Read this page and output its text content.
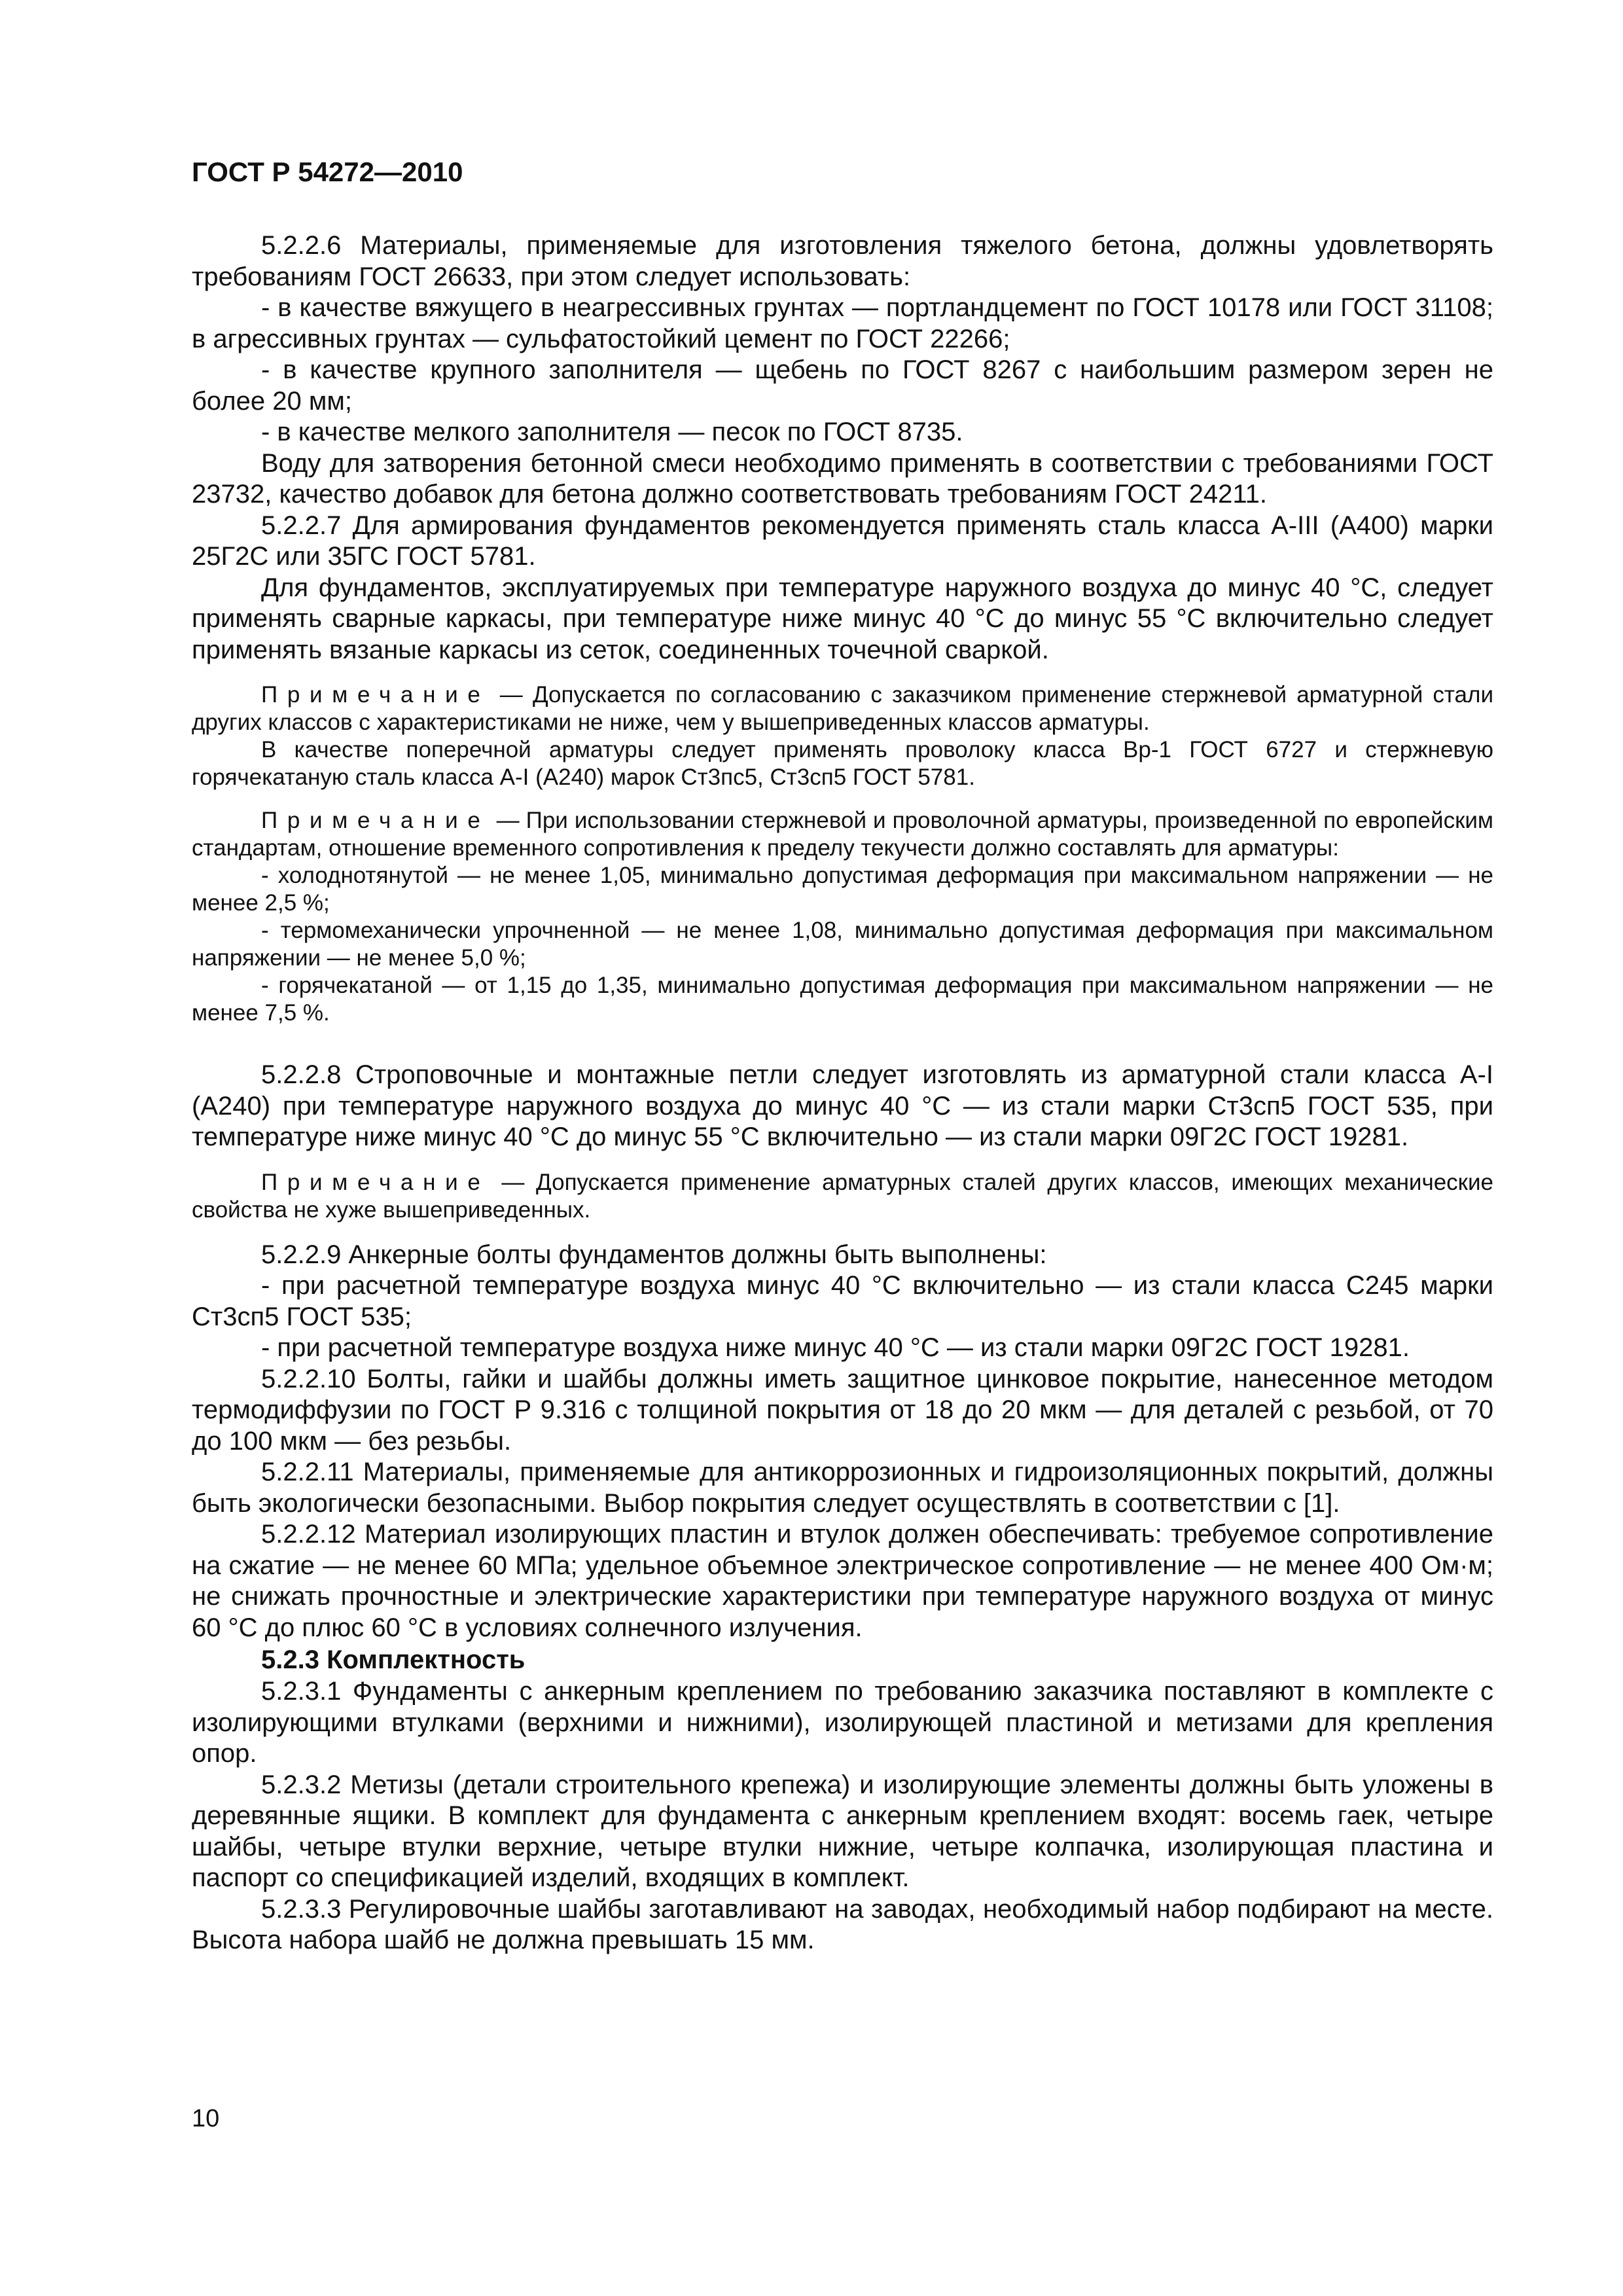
ГОСТ Р 54272—2010

5.2.2.6 Материалы, применяемые для изготовления тяжелого бетона, должны удовлетворять требованиям ГОСТ 26633, при этом следует использовать:

- в качестве вяжущего в неагрессивных грунтах — портландцемент по ГОСТ 10178 или ГОСТ 31108; в агрессивных грунтах — сульфатостойкий цемент по ГОСТ 22266;

- в качестве крупного заполнителя — щебень по ГОСТ 8267 с наибольшим размером зерен не более 20 мм;

- в качестве мелкого заполнителя — песок по ГОСТ 8735.

Воду для затворения бетонной смеси необходимо применять в соответствии с требованиями ГОСТ 23732, качество добавок для бетона должно соответствовать требованиям ГОСТ 24211.

5.2.2.7 Для армирования фундаментов рекомендуется применять сталь класса А-III (А400) марки 25Г2С или 35ГС ГОСТ 5781.

Для фундаментов, эксплуатируемых при температуре наружного воздуха до минус 40 °С, следует применять сварные каркасы, при температуре ниже минус 40 °С до минус 55 °С включительно следует применять вязаные каркасы из сеток, соединенных точечной сваркой.

Примечание — Допускается по согласованию с заказчиком применение стержневой арматурной стали других классов с характеристиками не ниже, чем у вышеприведенных классов арматуры.

В качестве поперечной арматуры следует применять проволоку класса Вр-1 ГОСТ 6727 и стержневую горячекатаную сталь класса А-I (А240) марок Ст3пс5, Ст3сп5 ГОСТ 5781.

Примечание — При использовании стержневой и проволочной арматуры, произведенной по европейским стандартам, отношение временного сопротивления к пределу текучести должно составлять для арматуры:

- холоднотянутой — не менее 1,05, минимально допустимая деформация при максимальном напряжении — не менее 2,5 %;

- термомеханически упрочненной — не менее 1,08, минимально допустимая деформация при максимальном напряжении — не менее 5,0 %;

- горячекатаной — от 1,15 до 1,35, минимально допустимая деформация при максимальном напряжении — не менее 7,5 %.

5.2.2.8 Строповочные и монтажные петли следует изготовлять из арматурной стали класса А-I (А240) при температуре наружного воздуха до минус 40 °С — из стали марки Ст3сп5 ГОСТ 535, при температуре ниже минус 40 °С до минус 55 °С включительно — из стали марки 09Г2С ГОСТ 19281.

Примечание — Допускается применение арматурных сталей других классов, имеющих механические свойства не хуже вышеприведенных.

5.2.2.9 Анкерные болты фундаментов должны быть выполнены:

- при расчетной температуре воздуха минус 40 °С включительно — из стали класса С245 марки Ст3сп5 ГОСТ 535;

- при расчетной температуре воздуха ниже минус 40 °С — из стали марки 09Г2С ГОСТ 19281.

5.2.2.10 Болты, гайки и шайбы должны иметь защитное цинковое покрытие, нанесенное методом термодиффузии по ГОСТ Р 9.316 с толщиной покрытия от 18 до 20 мкм — для деталей с резьбой, от 70 до 100 мкм — без резьбы.

5.2.2.11 Материалы, применяемые для антикоррозионных и гидроизоляционных покрытий, должны быть экологически безопасными. Выбор покрытия следует осуществлять в соответствии с [1].

5.2.2.12 Материал изолирующих пластин и втулок должен обеспечивать: требуемое сопротивление на сжатие — не менее 60 МПа; удельное объемное электрическое сопротивление — не менее 400 Ом·м; не снижать прочностные и электрические характеристики при температуре наружного воздуха от минус 60 °С до плюс 60 °С в условиях солнечного излучения.

5.2.3 Комплектность

5.2.3.1 Фундаменты с анкерным креплением по требованию заказчика поставляют в комплекте с изолирующими втулками (верхними и нижними), изолирующей пластиной и метизами для крепления опор.

5.2.3.2 Метизы (детали строительного крепежа) и изолирующие элементы должны быть уложены в деревянные ящики. В комплект для фундамента с анкерным креплением входят: восемь гаек, четыре шайбы, четыре втулки верхние, четыре втулки нижние, четыре колпачка, изолирующая пластина и паспорт со спецификацией изделий, входящих в комплект.

5.2.3.3 Регулировочные шайбы заготавливают на заводах, необходимый набор подбирают на месте. Высота набора шайб не должна превышать 15 мм.

10
